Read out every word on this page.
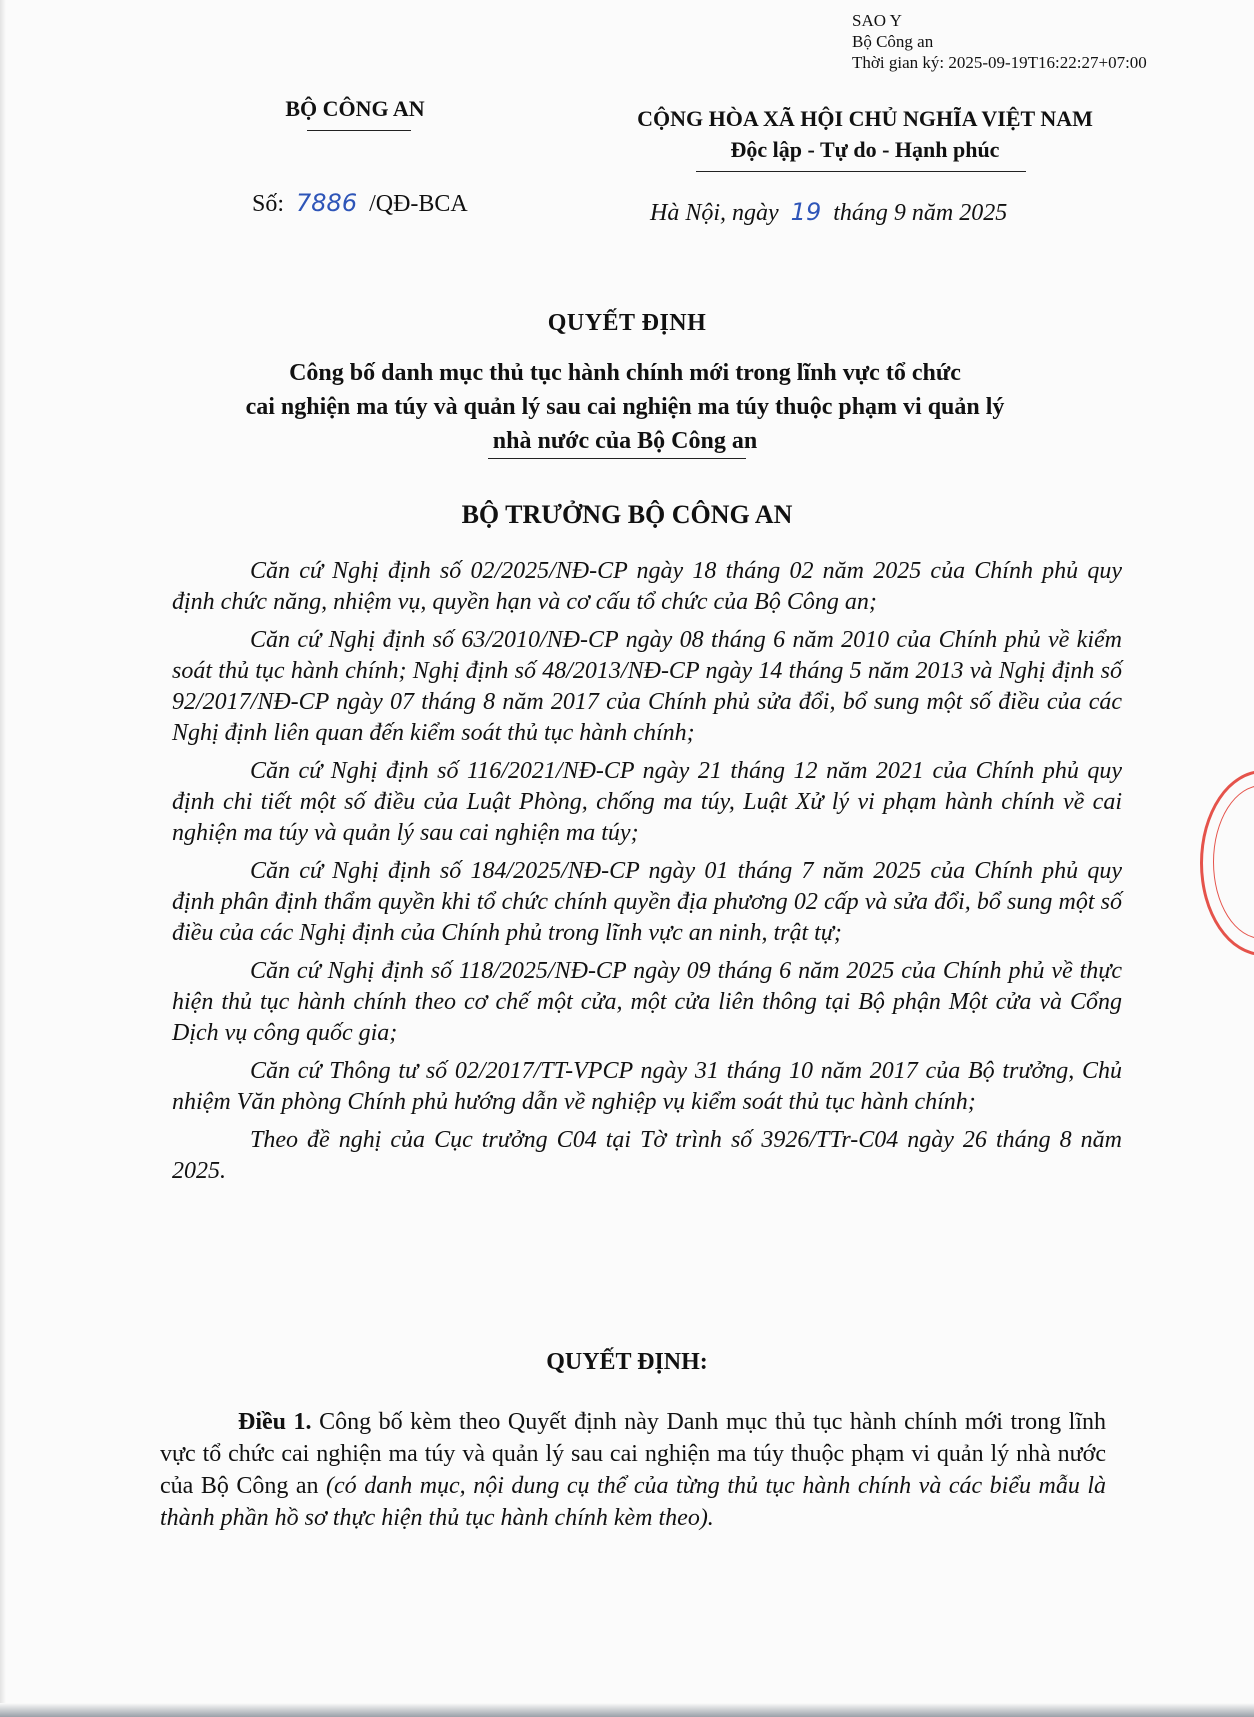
SAO Y
Bộ Công an
Thời gian ký: 2025-09-19T16:22:27+07:00
BỘ CÔNG AN	CỘNG HÒA XÃ HỘI CHỦ NGHĨA VIỆT NAM
Độc lập - Tự do - Hạnh phúc
Số: 7886 /QĐ-BCA	Hà Nội, ngày 19 tháng 9 năm 2025
QUYẾT ĐỊNH
Công bố danh mục thủ tục hành chính mới trong lĩnh vực tổ chức
cai nghiện ma túy và quản lý sau cai nghiện ma túy thuộc phạm vi quản lý
nhà nước của Bộ Công an
BỘ TRƯỞNG BỘ CÔNG AN

Căn cứ Nghị định số 02/2025/NĐ-CP ngày 18 tháng 02 năm 2025 của Chính phủ quy định chức năng, nhiệm vụ, quyền hạn và cơ cấu tổ chức của Bộ Công an;

Căn cứ Nghị định số 63/2010/NĐ-CP ngày 08 tháng 6 năm 2010 của Chính phủ về kiểm soát thủ tục hành chính; Nghị định số 48/2013/NĐ-CP ngày 14 tháng 5 năm 2013 và Nghị định số 92/2017/NĐ-CP ngày 07 tháng 8 năm 2017 của Chính phủ sửa đổi, bổ sung một số điều của các Nghị định liên quan đến kiểm soát thủ tục hành chính;

Căn cứ Nghị định số 116/2021/NĐ-CP ngày 21 tháng 12 năm 2021 của Chính phủ quy định chi tiết một số điều của Luật Phòng, chống ma túy, Luật Xử lý vi phạm hành chính về cai nghiện ma túy và quản lý sau cai nghiện ma túy;

Căn cứ Nghị định số 184/2025/NĐ-CP ngày 01 tháng 7 năm 2025 của Chính phủ quy định phân định thẩm quyền khi tổ chức chính quyền địa phương 02 cấp và sửa đổi, bổ sung một số điều của các Nghị định của Chính phủ trong lĩnh vực an ninh, trật tự;

Căn cứ Nghị định số 118/2025/NĐ-CP ngày 09 tháng 6 năm 2025 của Chính phủ về thực hiện thủ tục hành chính theo cơ chế một cửa, một cửa liên thông tại Bộ phận Một cửa và Cổng Dịch vụ công quốc gia;

Căn cứ Thông tư số 02/2017/TT-VPCP ngày 31 tháng 10 năm 2017 của Bộ trưởng, Chủ nhiệm Văn phòng Chính phủ hướng dẫn về nghiệp vụ kiểm soát thủ tục hành chính;

Theo đề nghị của Cục trưởng C04 tại Tờ trình số 3926/TTr-C04 ngày 26 tháng 8 năm 2025.

QUYẾT ĐỊNH:
Điều 1. Công bố kèm theo Quyết định này Danh mục thủ tục hành chính mới trong lĩnh vực tổ chức cai nghiện ma túy và quản lý sau cai nghiện ma túy thuộc phạm vi quản lý nhà nước của Bộ Công an (có danh mục, nội dung cụ thể của từng thủ tục hành chính và các biểu mẫu là thành phần hồ sơ thực hiện thủ tục hành chính kèm theo).
